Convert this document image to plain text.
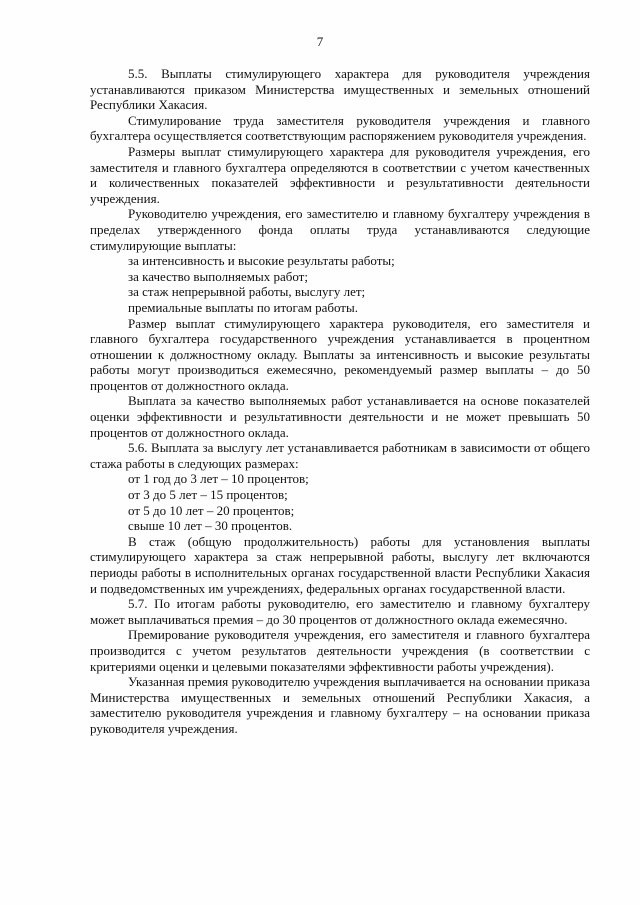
7

5.5. Выплаты стимулирующего характера для руководителя учреждения устанавливаются приказом Министерства имущественных и земельных отношений Республики Хакасия.

Стимулирование труда заместителя руководителя учреждения и главного бухгалтера осуществляется соответствующим распоряжением руководителя учреждения.

Размеры выплат стимулирующего характера для руководителя учреждения, его заместителя и главного бухгалтера определяются в соответствии с учетом качественных и количественных показателей эффективности и результативности деятельности учреждения.

Руководителю учреждения, его заместителю и главному бухгалтеру учреждения в пределах утвержденного фонда оплаты труда устанавливаются следующие стимулирующие выплаты:

за интенсивность и высокие результаты работы;

за качество выполняемых работ;

за стаж непрерывной работы, выслугу лет;

премиальные выплаты по итогам работы.

Размер выплат стимулирующего характера руководителя, его заместителя и главного бухгалтера государственного учреждения устанавливается в процентном отношении к должностному окладу. Выплаты за интенсивность и высокие результаты работы могут производиться ежемесячно, рекомендуемый размер выплаты – до 50 процентов от должностного оклада.

Выплата за качество выполняемых работ устанавливается на основе показателей оценки эффективности и результативности деятельности и не может превышать 50 процентов от должностного оклада.

5.6. Выплата за выслугу лет устанавливается работникам в зависимости от общего стажа работы в следующих размерах:

от 1 год до 3 лет – 10 процентов;

от 3 до 5 лет – 15 процентов;

от 5 до 10 лет – 20 процентов;

свыше 10 лет – 30 процентов.

В стаж (общую продолжительность) работы для установления выплаты стимулирующего характера за стаж непрерывной работы, выслугу лет включаются периоды работы в исполнительных органах государственной власти Республики Хакасия и подведомственных им учреждениях, федеральных органах государственной власти.

5.7. По итогам работы руководителю, его заместителю и главному бухгалтеру может выплачиваться премия – до 30 процентов от должностного оклада ежемесячно.

Премирование руководителя учреждения, его заместителя и главного бухгалтера производится с учетом результатов деятельности учреждения (в соответствии с критериями оценки и целевыми показателями эффективности работы учреждения).

Указанная премия руководителю учреждения выплачивается на основании приказа Министерства имущественных и земельных отношений Республики Хакасия, а заместителю руководителя учреждения и главному бухгалтеру – на основании приказа руководителя учреждения.
